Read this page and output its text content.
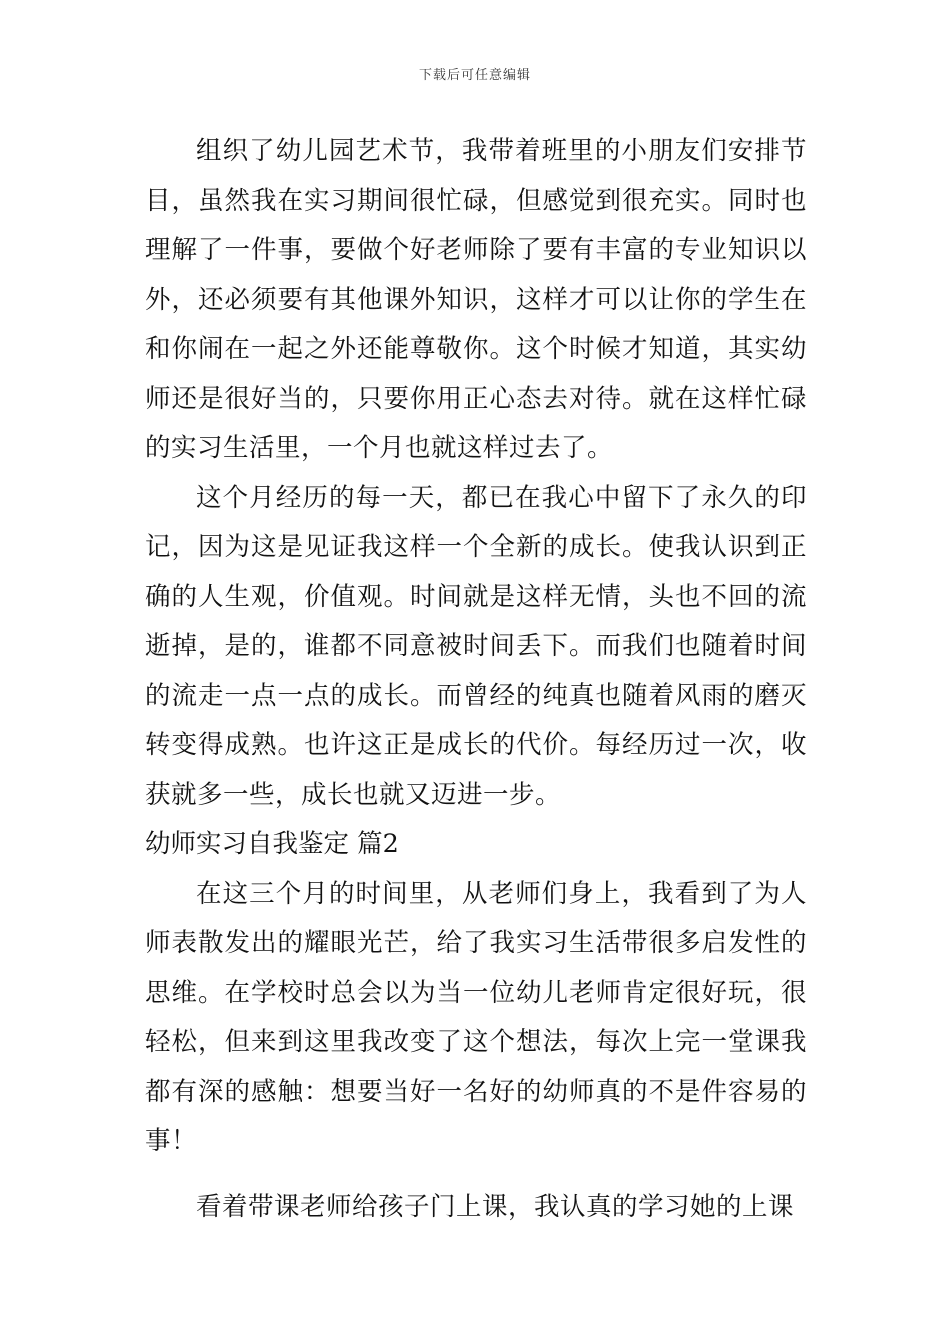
下载后可任意编辑

组织了幼儿园艺术节，我带着班里的小朋友们安排节目，虽然我在实习期间很忙碌，但感觉到很充实。同时也理解了一件事，要做个好老师除了要有丰富的专业知识以外，还必须要有其他课外知识，这样才可以让你的学生在和你闹在一起之外还能尊敬你。这个时候才知道，其实幼师还是很好当的，只要你用正心态去对待。就在这样忙碌的实习生活里，一个月也就这样过去了。

这个月经历的每一天，都已在我心中留下了永久的印记，因为这是见证我这样一个全新的成长。使我认识到正确的人生观，价值观。时间就是这样无情，头也不回的流逝掉，是的，谁都不同意被时间丢下。而我们也随着时间的流走一点一点的成长。而曾经的纯真也随着风雨的磨灭转变得成熟。也许这正是成长的代价。每经历过一次，收获就多一些，成长也就又迈进一步。

幼师实习自我鉴定 篇2

在这三个月的时间里，从老师们身上，我看到了为人师表散发出的耀眼光芒，给了我实习生活带很多启发性的思维。在学校时总会以为当一位幼儿老师肯定很好玩，很轻松，但来到这里我改变了这个想法，每次上完一堂课我都有深的感触：想要当好一名好的幼师真的不是件容易的事！

看着带课老师给孩子门上课，我认真的学习她的上课
